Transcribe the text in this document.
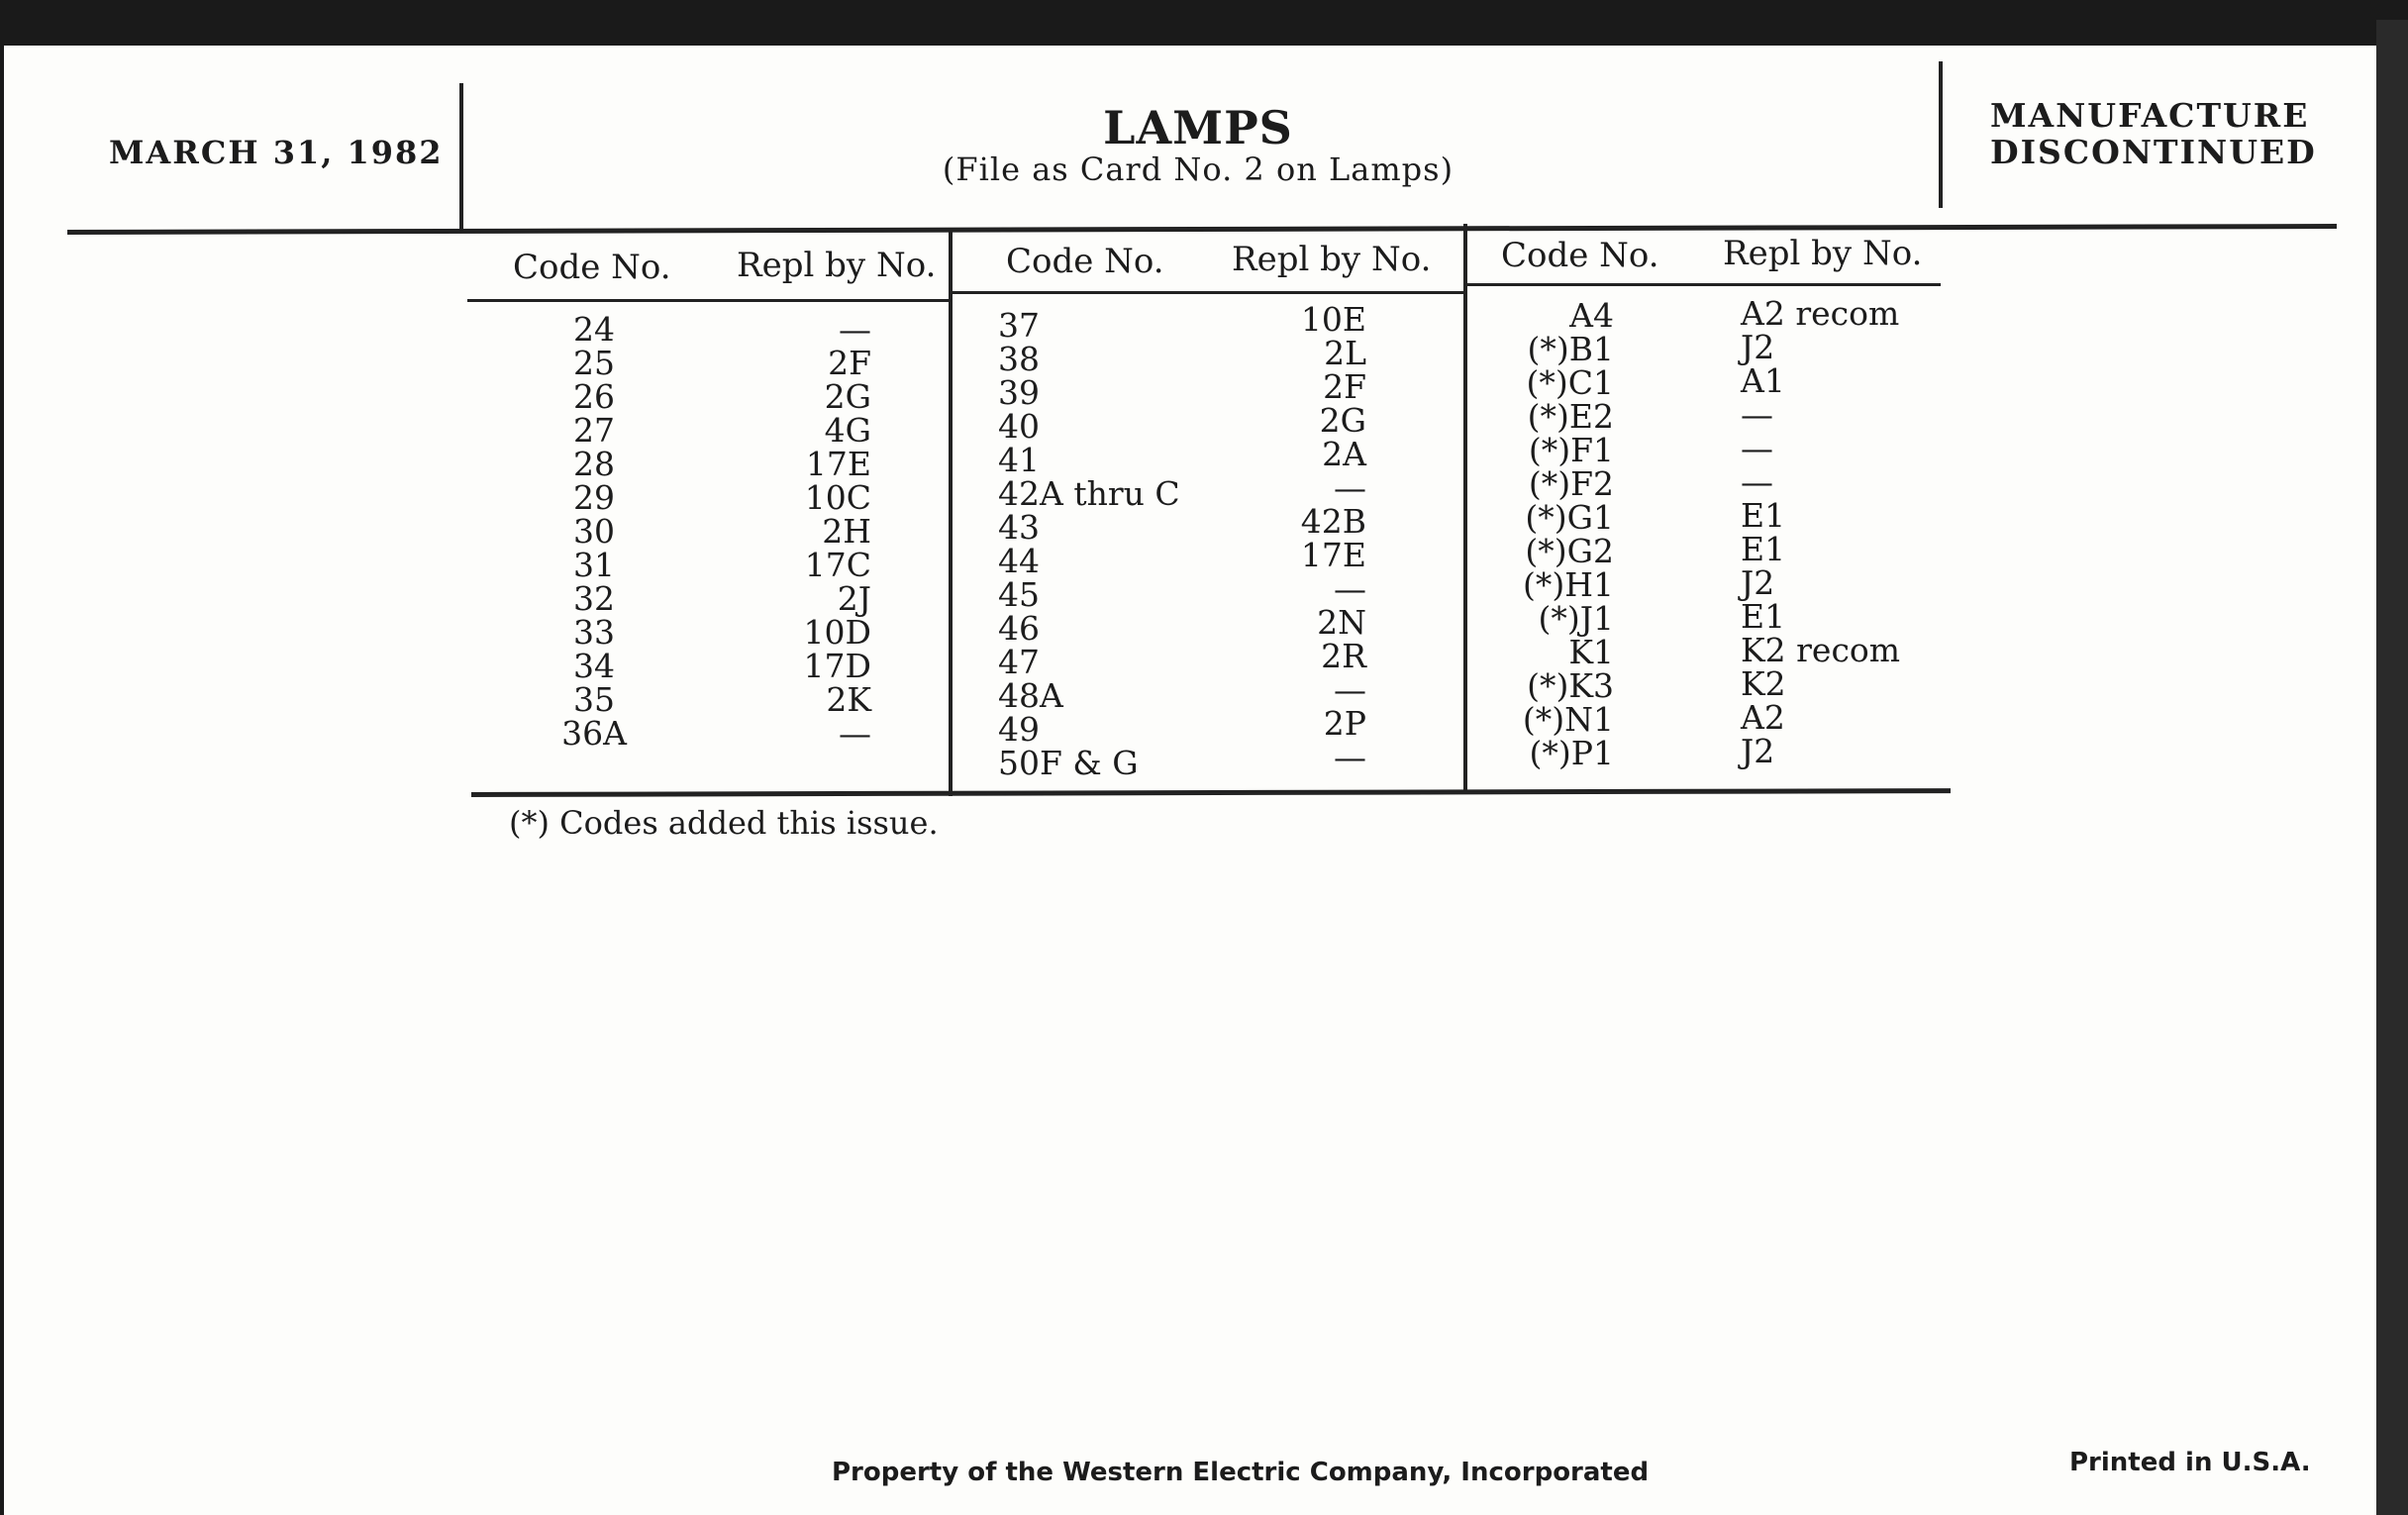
MARCH 31, 1982	LAMPS
(File as Card No. 2 on Lamps)
MANUFACTURE
DISCONTINUED
Code No. Repl by No. Code No. Repl by No. Code No. Repl by No.
24
25
26
27
28
29
30
31
32
33
34
35
36A
—
2F
2G
4G
17E
10C
2H
17C
2J
10D
17D
2K
—
37
38
39
40
41
42A thru C
43
44
45
46
47
48A
49
50F & G
10E
2L
2F
2G
2A
—
42B
17E
—
2N
2R
—
2P
—
A4
(*)B1
(*)C1
(*)E2
(*)F1
(*)F2
(*)G1
(*)G2
(*)H1
(*)J1
K1
(*)K3
(*)N1
(*)P1
A2 recom
J2
A1
—
—
—
E1
E1
J2
E1
K2 recom
K2
A2
J2
(*) Codes added this issue.
Property of the Western Electric Company, Incorporated	Printed in U.S.A.
